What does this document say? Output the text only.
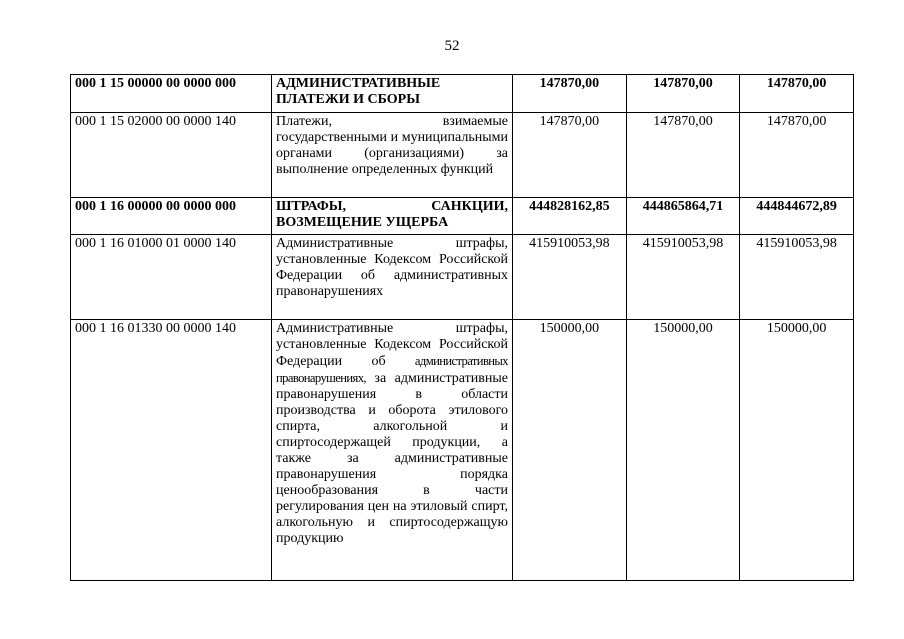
52
000 1 15 00000 00 0000 000	АДМИНИСТРАТИВНЫЕ ПЛАТЕЖИ И СБОРЫ	147870,00	147870,00	147870,00
000 1 15 02000 00 0000 140	Платежи, взимаемые государственными и муниципальными органами (организациями) за выполнение определенных функций	147870,00	147870,00	147870,00
000 1 16 00000 00 0000 000	ШТРАФЫ, САНКЦИИ, ВОЗМЕЩЕНИЕ УЩЕРБА	444828162,85	444865864,71	444844672,89
000 1 16 01000 01 0000 140	Административные штрафы, установленные Кодексом Российской Федерации об административных правонарушениях	415910053,98	415910053,98	415910053,98
000 1 16 01330 00 0000 140	Административные штрафы, установленные Кодексом Российской Федерации об административных правонарушениях, за административные правонарушения в области производства и оборота этилового спирта, алкогольной и спиртосодержащей продукции, а также за административные правонарушения порядка ценообразования в части регулирования цен на этиловый спирт, алкогольную и спиртосодержащую продукцию	150000,00	150000,00	150000,00
